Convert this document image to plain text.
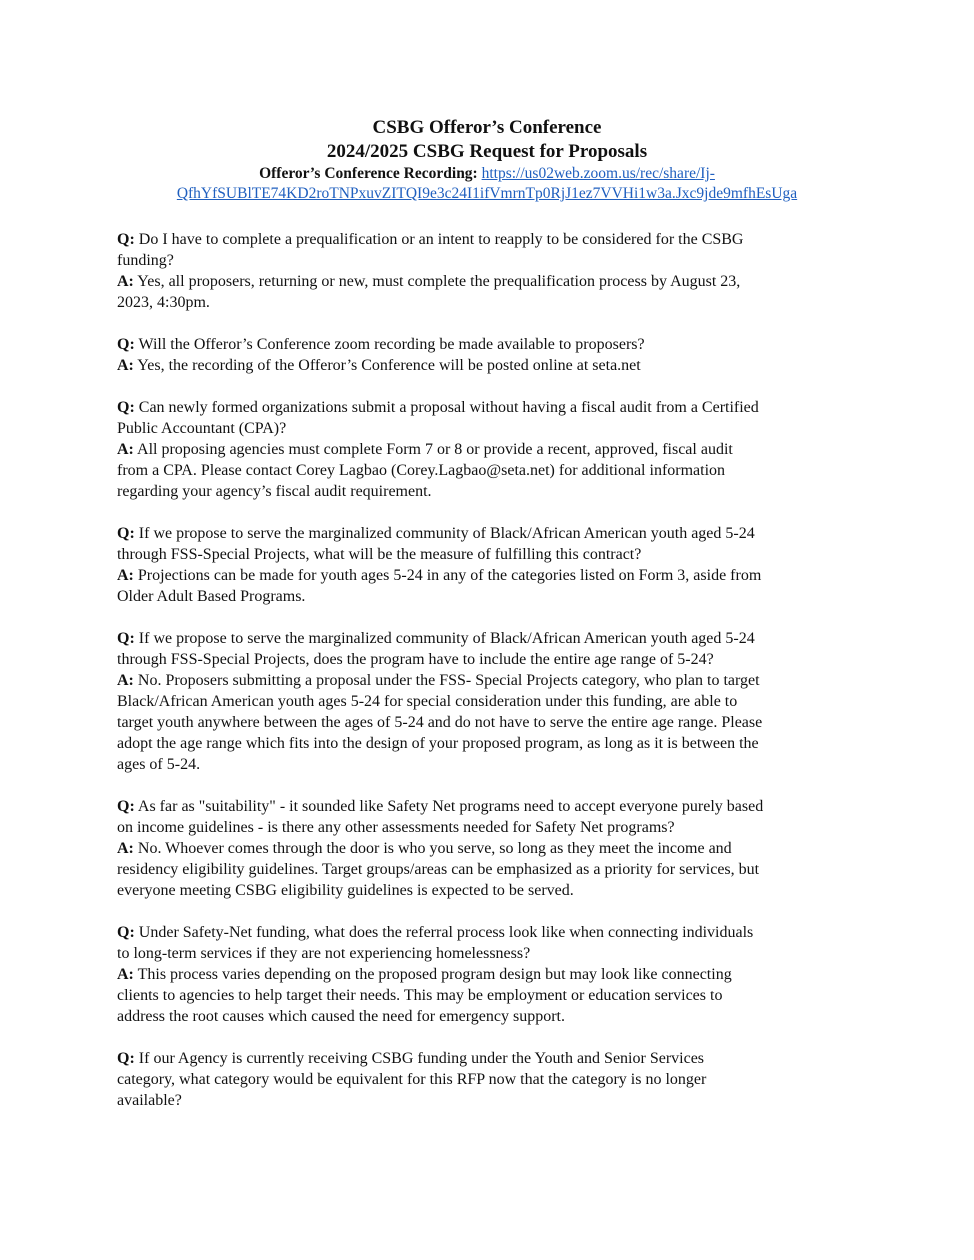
CSBG Offeror’s Conference
2024/2025 CSBG Request for Proposals
Offeror’s Conference Recording: https://us02web.zoom.us/rec/share/Ij-
QfhYfSUBlTE74KD2roTNPxuvZITQI9e3c24I1ifVmrnTp0RjJ1ez7VVHi1w3a.Jxc9jde9mfhEsUga
Q: Do I have to complete a prequalification or an intent to reapply to be considered for the CSBG
funding?
A: Yes, all proposers, returning or new, must complete the prequalification process by August 23,
2023, 4:30pm.
Q: Will the Offeror’s Conference zoom recording be made available to proposers?
A: Yes, the recording of the Offeror’s Conference will be posted online at seta.net
Q: Can newly formed organizations submit a proposal without having a fiscal audit from a Certified
Public Accountant (CPA)?
A: All proposing agencies must complete Form 7 or 8 or provide a recent, approved, fiscal audit
from a CPA. Please contact Corey Lagbao (Corey.Lagbao@seta.net) for additional information
regarding your agency’s fiscal audit requirement.
Q: If we propose to serve the marginalized community of Black/African American youth aged 5-24
through FSS-Special Projects, what will be the measure of fulfilling this contract?
A: Projections can be made for youth ages 5-24 in any of the categories listed on Form 3, aside from
Older Adult Based Programs.
Q: If we propose to serve the marginalized community of Black/African American youth aged 5-24
through FSS-Special Projects, does the program have to include the entire age range of 5-24?
A: No. Proposers submitting a proposal under the FSS- Special Projects category, who plan to target
Black/African American youth ages 5-24 for special consideration under this funding, are able to
target youth anywhere between the ages of 5-24 and do not have to serve the entire age range. Please
adopt the age range which fits into the design of your proposed program, as long as it is between the
ages of 5-24.
Q: As far as "suitability" - it sounded like Safety Net programs need to accept everyone purely based
on income guidelines - is there any other assessments needed for Safety Net programs?
A: No. Whoever comes through the door is who you serve, so long as they meet the income and
residency eligibility guidelines. Target groups/areas can be emphasized as a priority for services, but
everyone meeting CSBG eligibility guidelines is expected to be served.
Q: Under Safety-Net funding, what does the referral process look like when connecting individuals
to long-term services if they are not experiencing homelessness?
A: This process varies depending on the proposed program design but may look like connecting
clients to agencies to help target their needs. This may be employment or education services to
address the root causes which caused the need for emergency support.
Q: If our Agency is currently receiving CSBG funding under the Youth and Senior Services
category, what category would be equivalent for this RFP now that the category is no longer
available?
